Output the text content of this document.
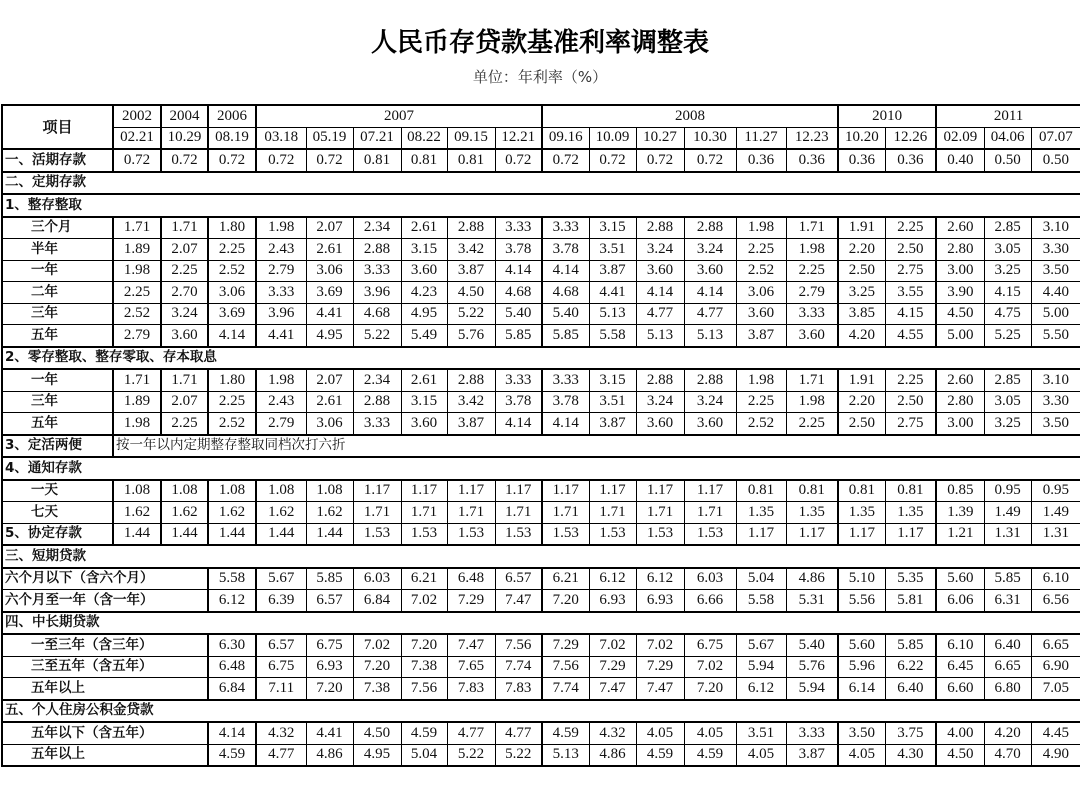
人民币存贷款基准利率调整表
单位：年利率（%）
项目	2002	2004	2006	2007						2008						2010		2011		
	02.21	10.29	08.19	03.18	05.19	07.21	08.22	09.15	12.21	09.16	10.09	10.27	10.30	11.27	12.23	10.20	12.26	02.09	04.06	07.07
一、活期存款	0.72	0.72	0.72	0.72	0.72	0.81	0.81	0.81	0.72	0.72	0.72	0.72	0.72	0.36	0.36	0.36	0.36	0.40	0.50	0.50
二、定期存款																				
1、整存整取																				
三个月	1.71	1.71	1.80	1.98	2.07	2.34	2.61	2.88	3.33	3.33	3.15	2.88	2.88	1.98	1.71	1.91	2.25	2.60	2.85	3.10
半年	1.89	2.07	2.25	2.43	2.61	2.88	3.15	3.42	3.78	3.78	3.51	3.24	3.24	2.25	1.98	2.20	2.50	2.80	3.05	3.30
一年	1.98	2.25	2.52	2.79	3.06	3.33	3.60	3.87	4.14	4.14	3.87	3.60	3.60	2.52	2.25	2.50	2.75	3.00	3.25	3.50
二年	2.25	2.70	3.06	3.33	3.69	3.96	4.23	4.50	4.68	4.68	4.41	4.14	4.14	3.06	2.79	3.25	3.55	3.90	4.15	4.40
三年	2.52	3.24	3.69	3.96	4.41	4.68	4.95	5.22	5.40	5.40	5.13	4.77	4.77	3.60	3.33	3.85	4.15	4.50	4.75	5.00
五年	2.79	3.60	4.14	4.41	4.95	5.22	5.49	5.76	5.85	5.85	5.58	5.13	5.13	3.87	3.60	4.20	4.55	5.00	5.25	5.50
2、零存整取、整存零取、存本取息																				
一年	1.71	1.71	1.80	1.98	2.07	2.34	2.61	2.88	3.33	3.33	3.15	2.88	2.88	1.98	1.71	1.91	2.25	2.60	2.85	3.10
三年	1.89	2.07	2.25	2.43	2.61	2.88	3.15	3.42	3.78	3.78	3.51	3.24	3.24	2.25	1.98	2.20	2.50	2.80	3.05	3.30
五年	1.98	2.25	2.52	2.79	3.06	3.33	3.60	3.87	4.14	4.14	3.87	3.60	3.60	2.52	2.25	2.50	2.75	3.00	3.25	3.50
3、定活两便	按一年以内定期整存整取同档次打六折																			
4、通知存款																				
一天	1.08	1.08	1.08	1.08	1.08	1.17	1.17	1.17	1.17	1.17	1.17	1.17	1.17	0.81	0.81	0.81	0.81	0.85	0.95	0.95
七天	1.62	1.62	1.62	1.62	1.62	1.71	1.71	1.71	1.71	1.71	1.71	1.71	1.71	1.35	1.35	1.35	1.35	1.39	1.49	1.49
5、协定存款	1.44	1.44	1.44	1.44	1.44	1.53	1.53	1.53	1.53	1.53	1.53	1.53	1.53	1.17	1.17	1.17	1.17	1.21	1.31	1.31
三、短期贷款																				
六个月以下（含六个月）			5.58	5.67	5.85	6.03	6.21	6.48	6.57	6.21	6.12	6.12	6.03	5.04	4.86	5.10	5.35	5.60	5.85	6.10
六个月至一年（含一年）			6.12	6.39	6.57	6.84	7.02	7.29	7.47	7.20	6.93	6.93	6.66	5.58	5.31	5.56	5.81	6.06	6.31	6.56
四、中长期贷款																				
一至三年（含三年）			6.30	6.57	6.75	7.02	7.20	7.47	7.56	7.29	7.02	7.02	6.75	5.67	5.40	5.60	5.85	6.10	6.40	6.65
三至五年（含五年）			6.48	6.75	6.93	7.20	7.38	7.65	7.74	7.56	7.29	7.29	7.02	5.94	5.76	5.96	6.22	6.45	6.65	6.90
五年以上			6.84	7.11	7.20	7.38	7.56	7.83	7.83	7.74	7.47	7.47	7.20	6.12	5.94	6.14	6.40	6.60	6.80	7.05
五、个人住房公积金贷款																				
五年以下（含五年）			4.14	4.32	4.41	4.50	4.59	4.77	4.77	4.59	4.32	4.05	4.05	3.51	3.33	3.50	3.75	4.00	4.20	4.45
五年以上			4.59	4.77	4.86	4.95	5.04	5.22	5.22	5.13	4.86	4.59	4.59	4.05	3.87	4.05	4.30	4.50	4.70	4.90
